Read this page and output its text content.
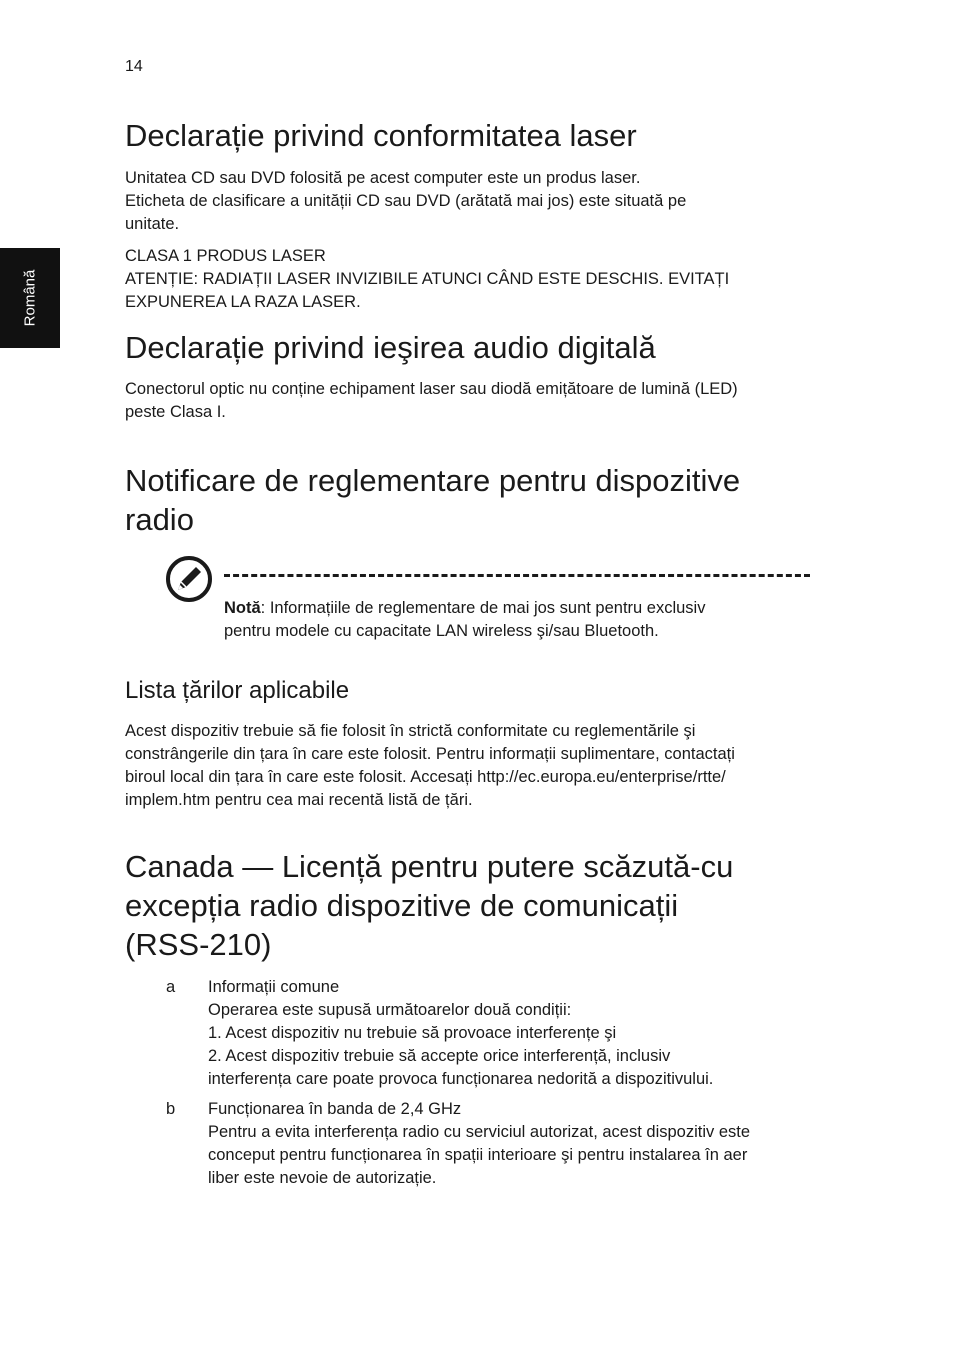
14
Română
Declarație privind conformitatea laser
Unitatea CD sau DVD folosită pe acest computer este un produs laser.
Eticheta de clasificare a unității CD sau DVD (arătată mai jos) este situată pe
unitate.
CLASA 1 PRODUS LASER
ATENȚIE: RADIAȚII LASER INVIZIBILE ATUNCI CÂND ESTE DESCHIS. EVITAȚI
EXPUNEREA LA RAZA LASER.
Declarație privind ieşirea audio digitală
Conectorul optic nu conține echipament laser sau diodă emițătoare de lumină (LED)
peste Clasa I.
Notificare de reglementare pentru dispozitive
radio
Lista țărilor aplicabile
Acest dispozitiv trebuie să fie folosit în strictă conformitate cu reglementările şi
constrângerile din țara în care este folosit. Pentru informații suplimentare, contactați
biroul local din țara în care este folosit. Accesați http://ec.europa.eu/enterprise/rtte/
implem.htm pentru cea mai recentă listă de țări.
Canada — Licență pentru putere scăzută-cu
excepția radio dispozitive de comunicații
(RSS-210)
Notă: Informațiile de reglementare de mai jos sunt pentru exclusiv
pentru modele cu capacitate LAN wireless şi/sau Bluetooth.
a Informații comune
Operarea este supusă următoarelor două condiții:
1. Acest dispozitiv nu trebuie să provoace interferențe şi
2. Acest dispozitiv trebuie să accepte orice interferență, inclusiv
interferența care poate provoca funcționarea nedorită a dispozitivului.
b Funcționarea în banda de 2,4 GHz
Pentru a evita interferența radio cu serviciul autorizat, acest dispozitiv este
conceput pentru funcționarea în spații interioare şi pentru instalarea în aer
liber este nevoie de autorizație.
